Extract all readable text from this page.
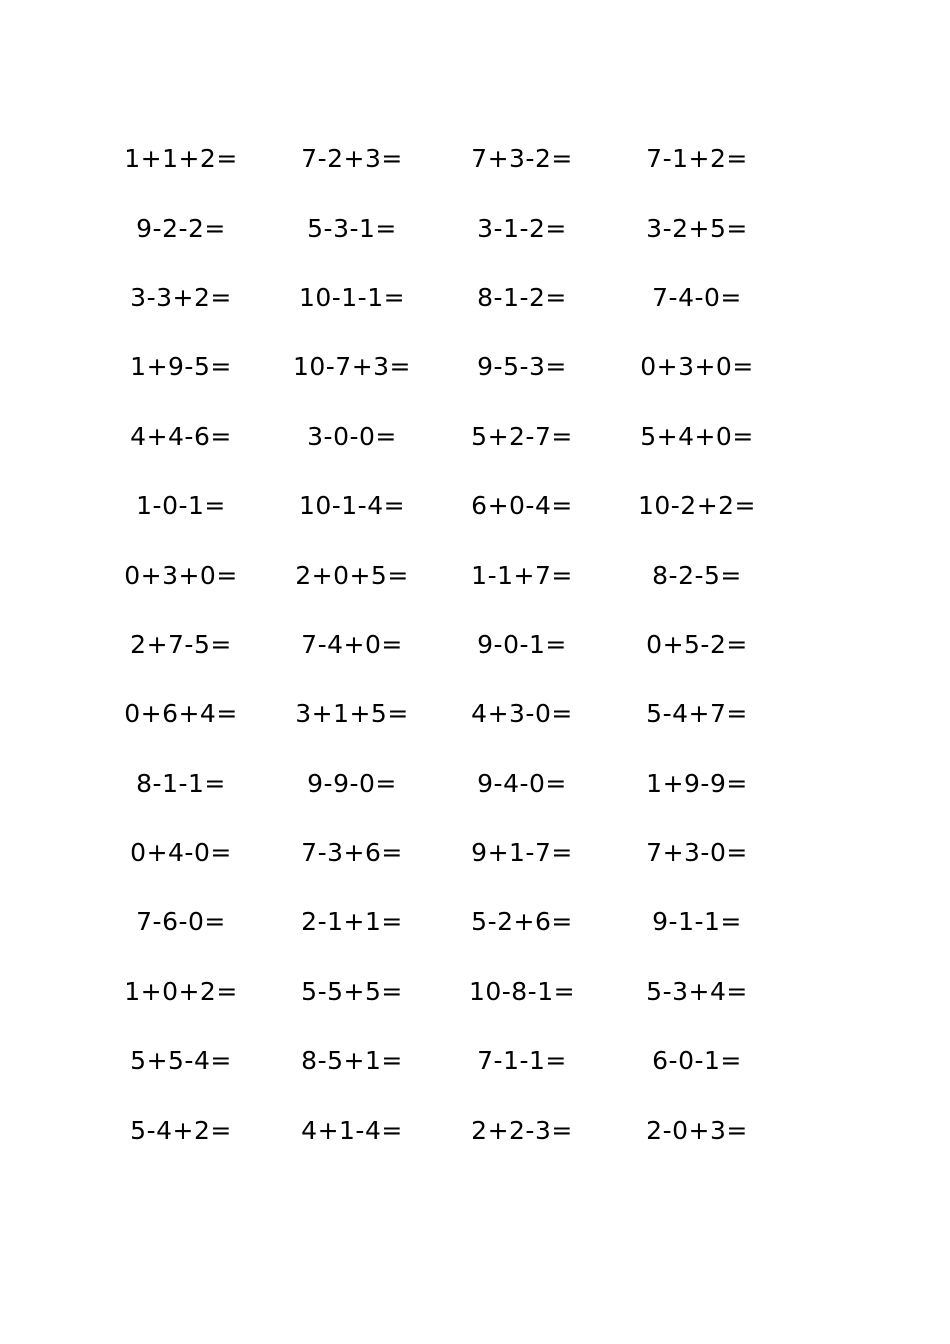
1+1+2=	7-2+3=	7+3-2=	7-1+2=
9-2-2=	5-3-1=	3-1-2=	3-2+5=
3-3+2=	10-1-1=	8-1-2=	7-4-0=
1+9-5=	10-7+3=	9-5-3=	0+3+0=
4+4-6=	3-0-0=	5+2-7=	5+4+0=
1-0-1=	10-1-4=	6+0-4=	10-2+2=
0+3+0=	2+0+5=	1-1+7=	8-2-5=
2+7-5=	7-4+0=	9-0-1=	0+5-2=
0+6+4=	3+1+5=	4+3-0=	5-4+7=
8-1-1=	9-9-0=	9-4-0=	1+9-9=
0+4-0=	7-3+6=	9+1-7=	7+3-0=
7-6-0=	2-1+1=	5-2+6=	9-1-1=
1+0+2=	5-5+5=	10-8-1=	5-3+4=
5+5-4=	8-5+1=	7-1-1=	6-0-1=
5-4+2=	4+1-4=	2+2-3=	2-0+3=
